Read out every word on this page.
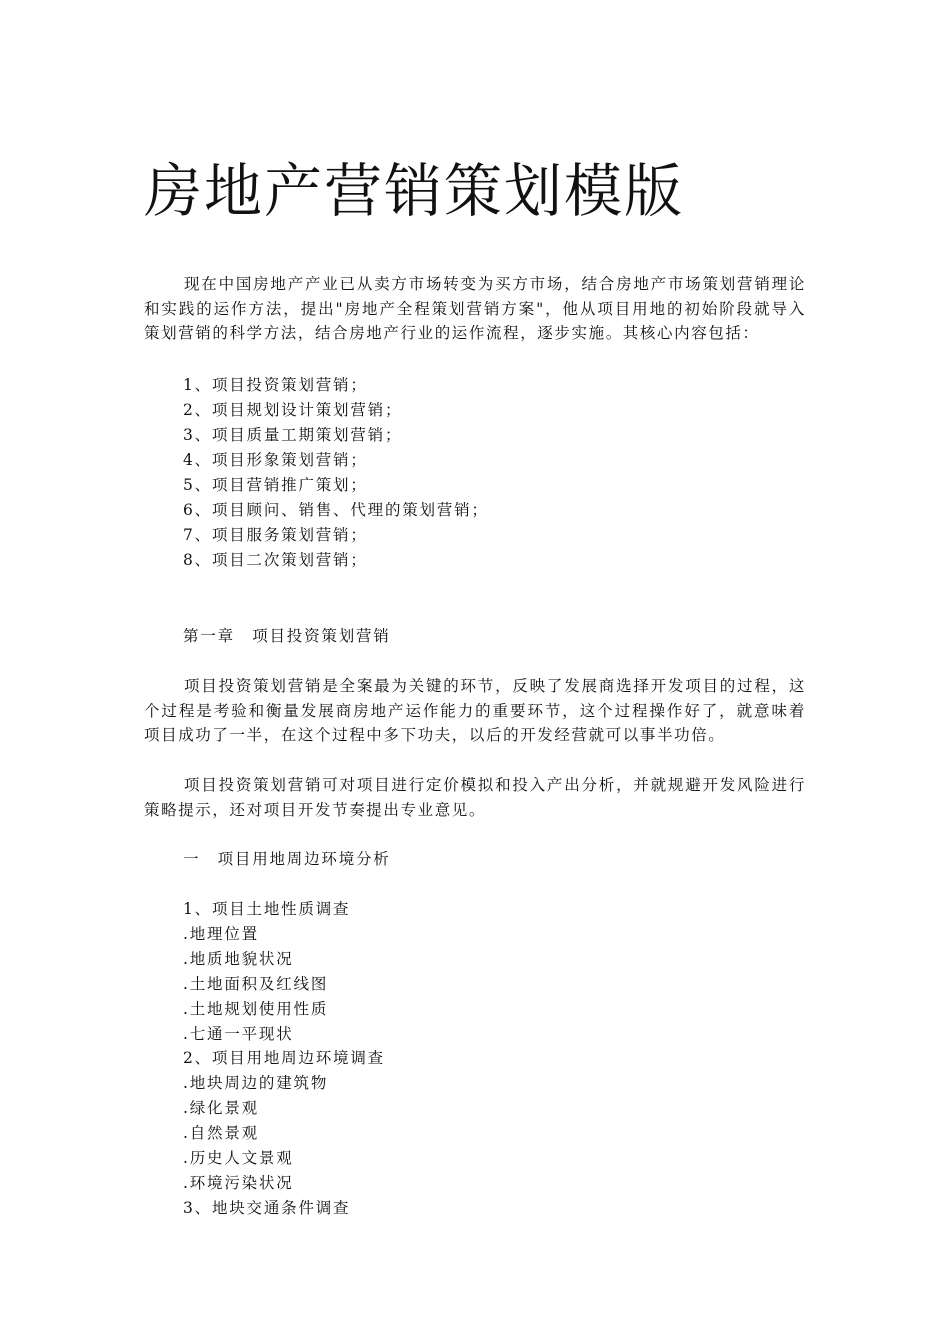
房地产营销策划模版

现在中国房地产产业已从卖方市场转变为买方市场，结合房地产市场策划营销理论和实践的运作方法，提出"房地产全程策划营销方案"，他从项目用地的初始阶段就导入策划营销的科学方法，结合房地产行业的运作流程，逐步实施。其核心内容包括：

1、项目投资策划营销；
2、项目规划设计策划营销；
3、项目质量工期策划营销；
4、项目形象策划营销；
5、项目营销推广策划；
6、项目顾问、销售、代理的策划营销；
7、项目服务策划营销；
8、项目二次策划营销；
第一章　项目投资策划营销

项目投资策划营销是全案最为关键的环节，反映了发展商选择开发项目的过程，这个过程是考验和衡量发展商房地产运作能力的重要环节，这个过程操作好了，就意味着项目成功了一半，在这个过程中多下功夫，以后的开发经营就可以事半功倍。

项目投资策划营销可对项目进行定价模拟和投入产出分析，并就规避开发风险进行策略提示，还对项目开发节奏提出专业意见。

一　项目用地周边环境分析
1、项目土地性质调查
.地理位置
.地质地貌状况
.土地面积及红线图
.土地规划使用性质
.七通一平现状
2、项目用地周边环境调查
.地块周边的建筑物
.绿化景观
.自然景观
.历史人文景观
.环境污染状况
3、地块交通条件调查
